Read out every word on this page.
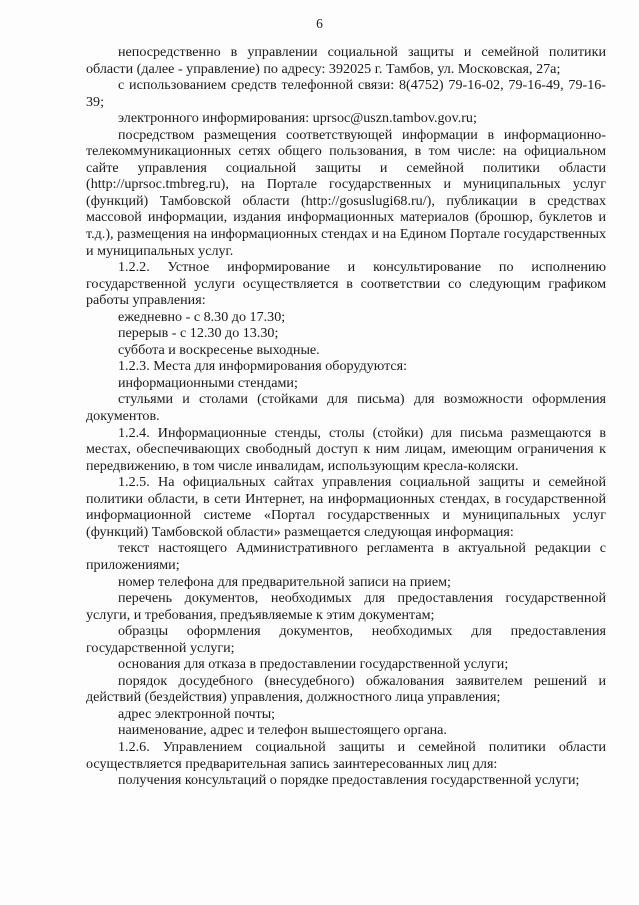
6

непосредственно в управлении социальной защиты и семейной политики области (далее - управление) по адресу: 392025 г. Тамбов, ул. Московская, 27а;

с использованием средств телефонной связи: 8(4752) 79-16-02, 79-16-49, 79-16-39;

электронного информирования: uprsoc@uszn.tambov.gov.ru;

посредством размещения соответствующей информации в информационно-телекоммуникационных сетях общего пользования, в том числе: на официальном сайте управления социальной защиты и семейной политики области (http://uprsoc.tmbreg.ru), на Портале государственных и муниципальных услуг (функций) Тамбовской области (http://gosuslugi68.ru/), публикации в средствах массовой информации, издания информационных материалов (брошюр, буклетов и т.д.), размещения на информационных стендах и на Едином Портале государственных и муниципальных услуг.

1.2.2. Устное информирование и консультирование по исполнению государственной услуги осуществляется в соответствии со следующим графиком работы управления:

ежедневно - с 8.30 до 17.30;

перерыв - с 12.30 до 13.30;

суббота и воскресенье выходные.

1.2.3. Места для информирования оборудуются:

информационными стендами;

стульями и столами (стойками для письма) для возможности оформления документов.

1.2.4. Информационные стенды, столы (стойки) для письма размещаются в местах, обеспечивающих свободный доступ к ним лицам, имеющим ограничения к передвижению, в том числе инвалидам, использующим кресла-коляски.

1.2.5. На официальных сайтах управления социальной защиты и семейной политики области, в сети Интернет, на информационных стендах, в государственной информационной системе «Портал государственных и муниципальных услуг (функций) Тамбовской области» размещается следующая информация:

текст настоящего Административного регламента в актуальной редакции с приложениями;

номер телефона для предварительной записи на прием;

перечень документов, необходимых для предоставления государственной услуги, и требования, предъявляемые к этим документам;

образцы оформления документов, необходимых для предоставления государственной услуги;

основания для отказа в предоставлении государственной услуги;

порядок досудебного (внесудебного) обжалования заявителем решений и действий (бездействия) управления, должностного лица управления;

адрес электронной почты;

наименование, адрес и телефон вышестоящего органа.

1.2.6. Управлением социальной защиты и семейной политики области осуществляется предварительная запись заинтересованных лиц для:

получения консультаций о порядке предоставления государственной услуги;
